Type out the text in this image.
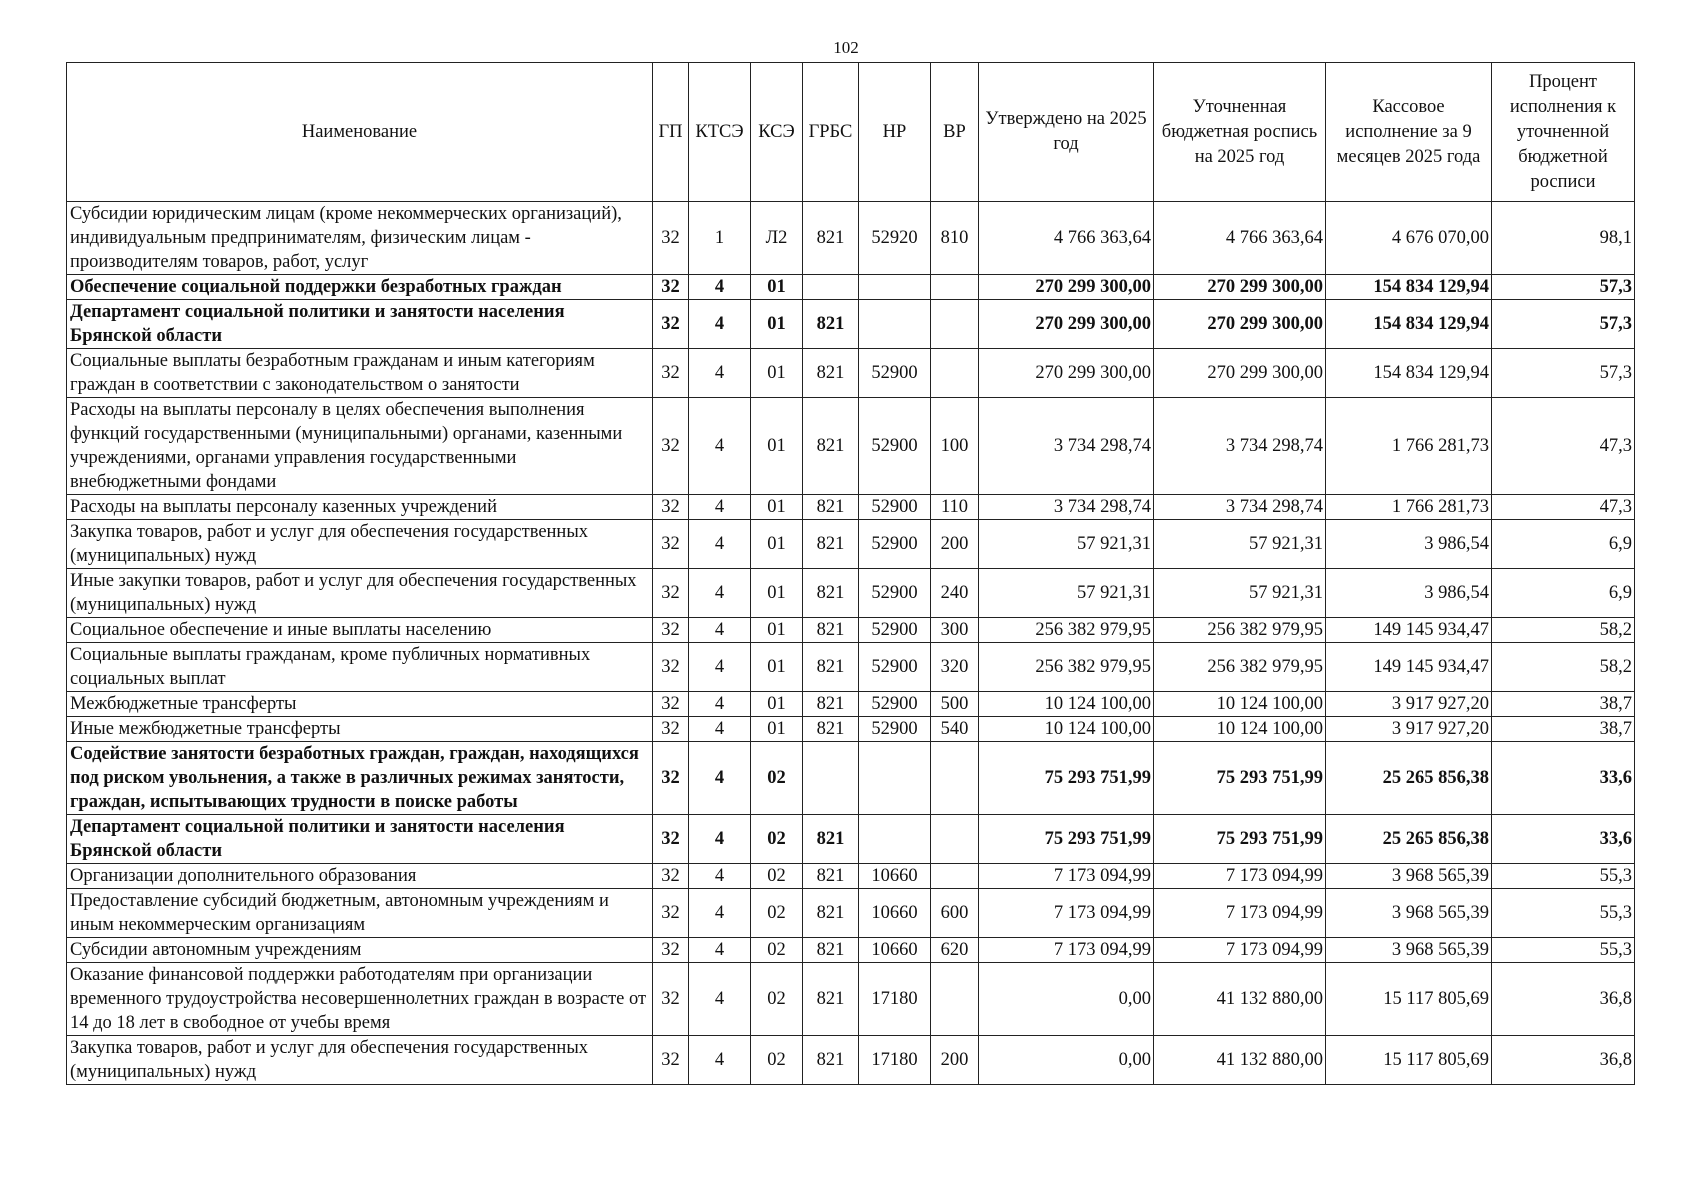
102
Наименование	ГП	КТСЭ	КСЭ	ГРБС	НР	ВР	Утверждено на 2025 год	Уточненная бюджетная роспись на 2025 год	Кассовое исполнение за 9 месяцев 2025 года	Процент исполнения к уточненной бюджетной росписи
Субсидии юридическим лицам (кроме некоммерческих организаций), индивидуальным предпринимателям, физическим лицам - производителям товаров, работ, услуг	32	1	Л2	821	52920	810	4 766 363,64	4 766 363,64	4 676 070,00	98,1
Обеспечение социальной поддержки безработных граждан	32	4	01				270 299 300,00	270 299 300,00	154 834 129,94	57,3
Департамент социальной политики и занятости населения Брянской области	32	4	01	821			270 299 300,00	270 299 300,00	154 834 129,94	57,3
Социальные выплаты безработным гражданам и иным категориям граждан в соответствии с законодательством о занятости	32	4	01	821	52900		270 299 300,00	270 299 300,00	154 834 129,94	57,3
Расходы на выплаты персоналу в целях обеспечения выполнения функций государственными (муниципальными) органами, казенными учреждениями, органами управления государственными внебюджетными фондами	32	4	01	821	52900	100	3 734 298,74	3 734 298,74	1 766 281,73	47,3
Расходы на выплаты персоналу казенных учреждений	32	4	01	821	52900	110	3 734 298,74	3 734 298,74	1 766 281,73	47,3
Закупка товаров, работ и услуг для обеспечения государственных (муниципальных) нужд	32	4	01	821	52900	200	57 921,31	57 921,31	3 986,54	6,9
Иные закупки товаров, работ и услуг для обеспечения государственных (муниципальных) нужд	32	4	01	821	52900	240	57 921,31	57 921,31	3 986,54	6,9
Социальное обеспечение и иные выплаты населению	32	4	01	821	52900	300	256 382 979,95	256 382 979,95	149 145 934,47	58,2
Социальные выплаты гражданам, кроме публичных нормативных социальных выплат	32	4	01	821	52900	320	256 382 979,95	256 382 979,95	149 145 934,47	58,2
Межбюджетные трансферты	32	4	01	821	52900	500	10 124 100,00	10 124 100,00	3 917 927,20	38,7
Иные межбюджетные трансферты	32	4	01	821	52900	540	10 124 100,00	10 124 100,00	3 917 927,20	38,7
Содействие занятости безработных граждан, граждан, находящихся под риском увольнения, а также в различных режимах занятости, граждан, испытывающих трудности в поиске работы	32	4	02				75 293 751,99	75 293 751,99	25 265 856,38	33,6
Департамент социальной политики и занятости населения Брянской области	32	4	02	821			75 293 751,99	75 293 751,99	25 265 856,38	33,6
Организации дополнительного образования	32	4	02	821	10660		7 173 094,99	7 173 094,99	3 968 565,39	55,3
Предоставление субсидий бюджетным, автономным учреждениям и иным некоммерческим организациям	32	4	02	821	10660	600	7 173 094,99	7 173 094,99	3 968 565,39	55,3
Субсидии автономным учреждениям	32	4	02	821	10660	620	7 173 094,99	7 173 094,99	3 968 565,39	55,3
Оказание финансовой поддержки работодателям при организации временного трудоустройства несовершеннолетних граждан в возрасте от 14 до 18 лет в свободное от учебы время	32	4	02	821	17180		0,00	41 132 880,00	15 117 805,69	36,8
Закупка товаров, работ и услуг для обеспечения государственных (муниципальных) нужд	32	4	02	821	17180	200	0,00	41 132 880,00	15 117 805,69	36,8
